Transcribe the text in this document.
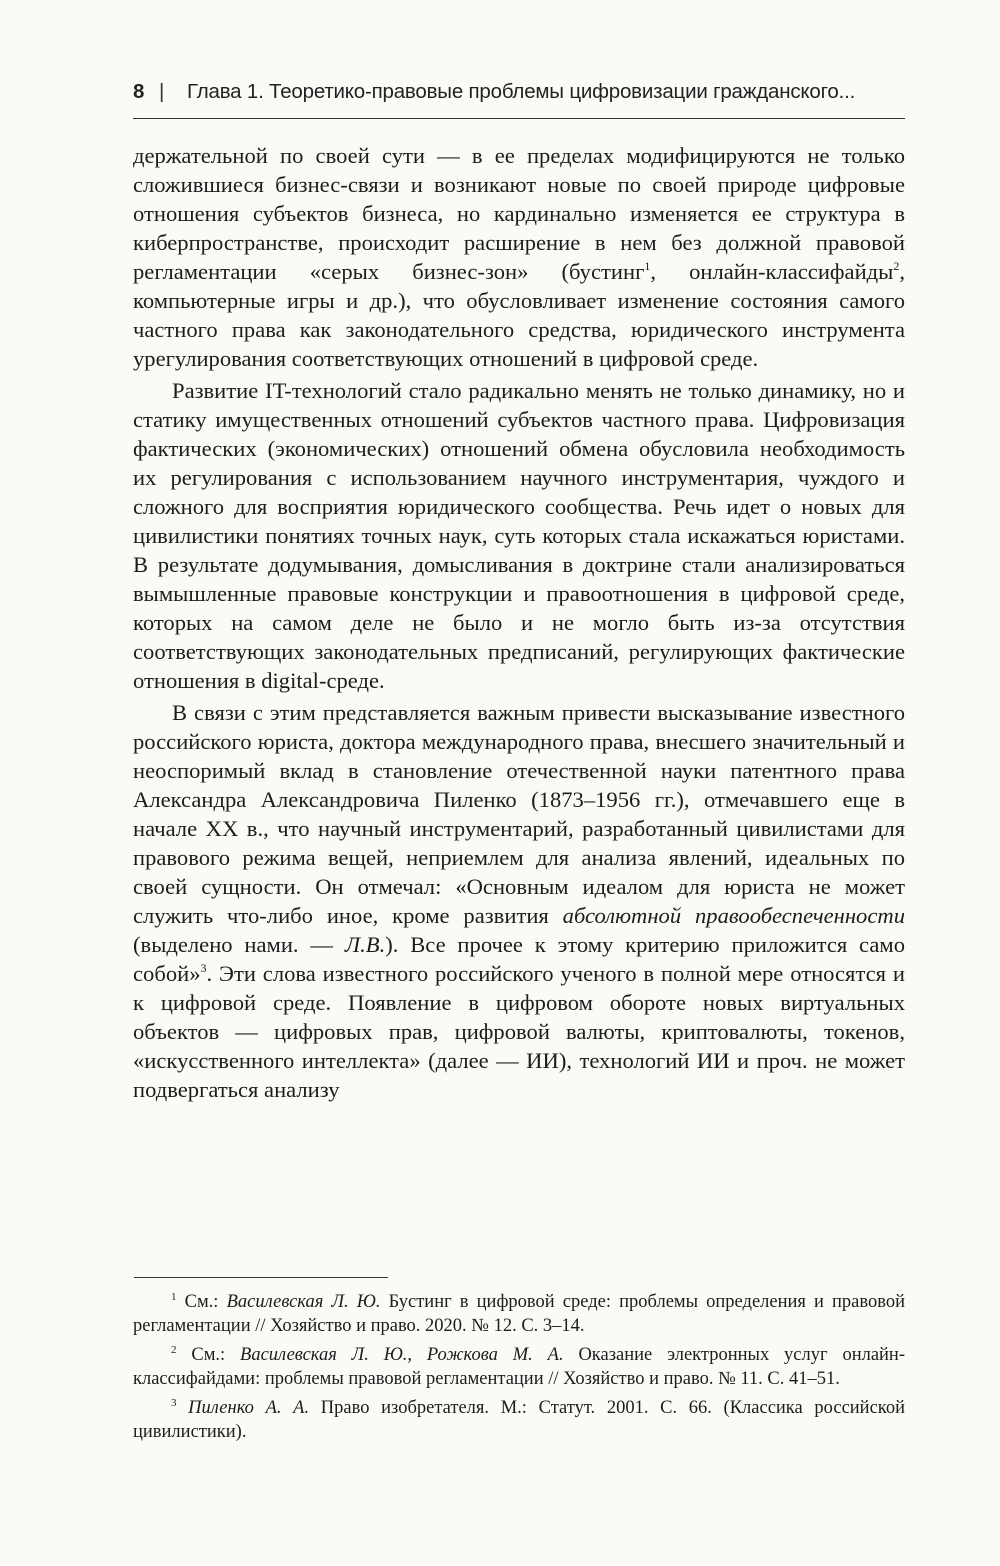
8 |	Глава 1. Теоретико-правовые проблемы цифровизации гражданского...

держательной по своей сути — в ее пределах модифицируются не только сложившиеся бизнес-связи и возникают новые по своей природе цифровые отношения субъектов бизнеса, но кардинально изменяется ее структура в киберпространстве, происходит расширение в нем без должной правовой регламентации «серых бизнес-зон» (бустинг$^1$, онлайн-классифайды$^2$, компьютерные игры и др.), что обусловливает изменение состояния самого частного права как законодательного средства, юридического инструмента урегулирования соответствующих отношений в цифровой среде.

Развитие IT-технологий стало радикально менять не только динамику, но и статику имущественных отношений субъектов частного права. Цифровизация фактических (экономических) отношений обмена обусловила необходимость их регулирования с использованием научного инструментария, чуждого и сложного для восприятия юридического сообщества. Речь идет о новых для цивилистики понятиях точных наук, суть которых стала искажаться юристами. В результате додумывания, домысливания в доктрине стали анализироваться вымышленные правовые конструкции и правоотношения в цифровой среде, которых на самом деле не было и не могло быть из-за отсутствия соответствующих законодательных предписаний, регулирующих фактические отношения в digital-среде.

В связи с этим представляется важным привести высказывание известного российского юриста, доктора международного права, внесшего значительный и неоспоримый вклад в становление отечественной науки патентного права Александра Александровича Пиленко (1873–1956 гг.), отмечавшего еще в начале XX в., что научный инструментарий, разработанный цивилистами для правового режима вещей, неприемлем для анализа явлений, идеальных по своей сущности. Он отмечал: «Основным идеалом для юриста не может служить что-либо иное, кроме развития абсолютной правообеспеченности (выделено нами. — Л.В.). Все прочее к этому критерию приложится само собой»$^3$. Эти слова известного российского ученого в полной мере относятся и к цифровой среде. Появление в цифровом обороте новых виртуальных объектов — цифровых прав, цифровой валюты, криптовалюты, токенов, «искусственного интеллекта» (далее — ИИ), технологий ИИ и проч. не может подвергаться анализу

$^1$ См.: Василевская Л. Ю. Бустинг в цифровой среде: проблемы определения и правовой регламентации // Хозяйство и право. 2020. № 12. С. 3–14.

$^2$ См.: Василевская Л. Ю., Рожкова М. А. Оказание электронных услуг онлайн-классифайдами: проблемы правовой регламентации // Хозяйство и право. № 11. С. 41–51.

$^3$ Пиленко А. А. Право изобретателя. М.: Статут. 2001. С. 66. (Классика российской цивилистики).
